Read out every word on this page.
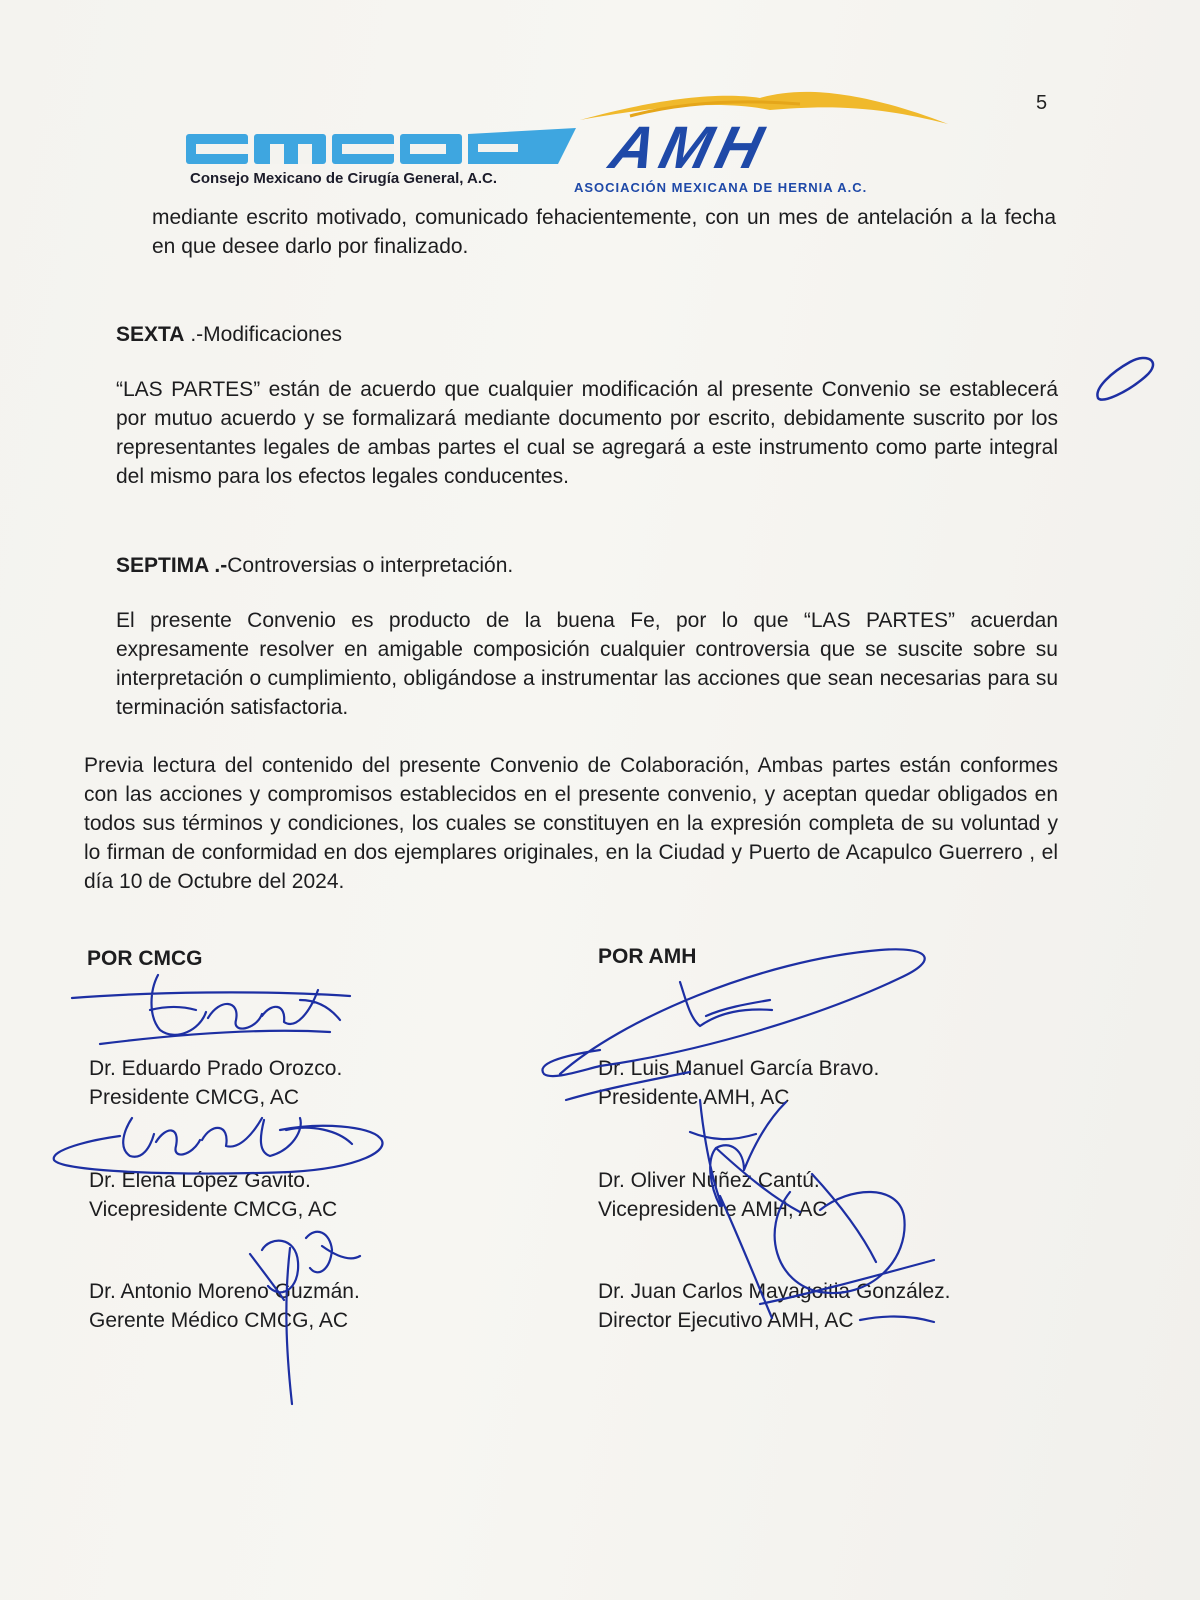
5
Consejo Mexicano de Cirugía General, A.C. AMH
ASOCIACIÓN MEXICANA DE HERNIA A.C.
mediante escrito motivado, comunicado fehacientemente, con un mes de antelación a la fecha en que desee darlo por finalizado.
SEXTA .-Modificaciones
“LAS PARTES” están de acuerdo que cualquier modificación al presente Convenio se establecerá por mutuo acuerdo y se formalizará mediante documento por escrito, debidamente suscrito por los representantes legales de ambas partes el cual se agregará a este instrumento como parte integral del mismo para los efectos legales conducentes.
SEPTIMA .-Controversias o interpretación.
El presente Convenio es producto de la buena Fe, por lo que “LAS PARTES” acuerdan expresamente resolver en amigable composición cualquier controversia que se suscite sobre su interpretación o cumplimiento, obligándose a instrumentar las acciones que sean necesarias para su terminación satisfactoria.
Previa lectura del contenido del presente Convenio de Colaboración, Ambas partes están conformes con las acciones y compromisos establecidos en el presente convenio, y aceptan quedar obligados en todos sus términos y condiciones, los cuales se constituyen en la expresión completa de su voluntad y lo firman de conformidad en dos ejemplares originales, en la Ciudad y Puerto de Acapulco Guerrero , el día 10 de Octubre del 2024.
POR CMCG	POR AMH
Dr. Eduardo Prado Orozco.
Presidente CMCG, AC
Dr. Elena López Gavito.
Vicepresidente CMCG, AC
Dr. Antonio Moreno Guzmán.
Gerente Médico CMCG, AC
Dr. Luis Manuel García Bravo.
Presidente AMH, AC
Dr. Oliver Núñez Cantú.
Vicepresidente AMH, AC
Dr. Juan Carlos Mayagoitia González.
Director Ejecutivo AMH, AC
